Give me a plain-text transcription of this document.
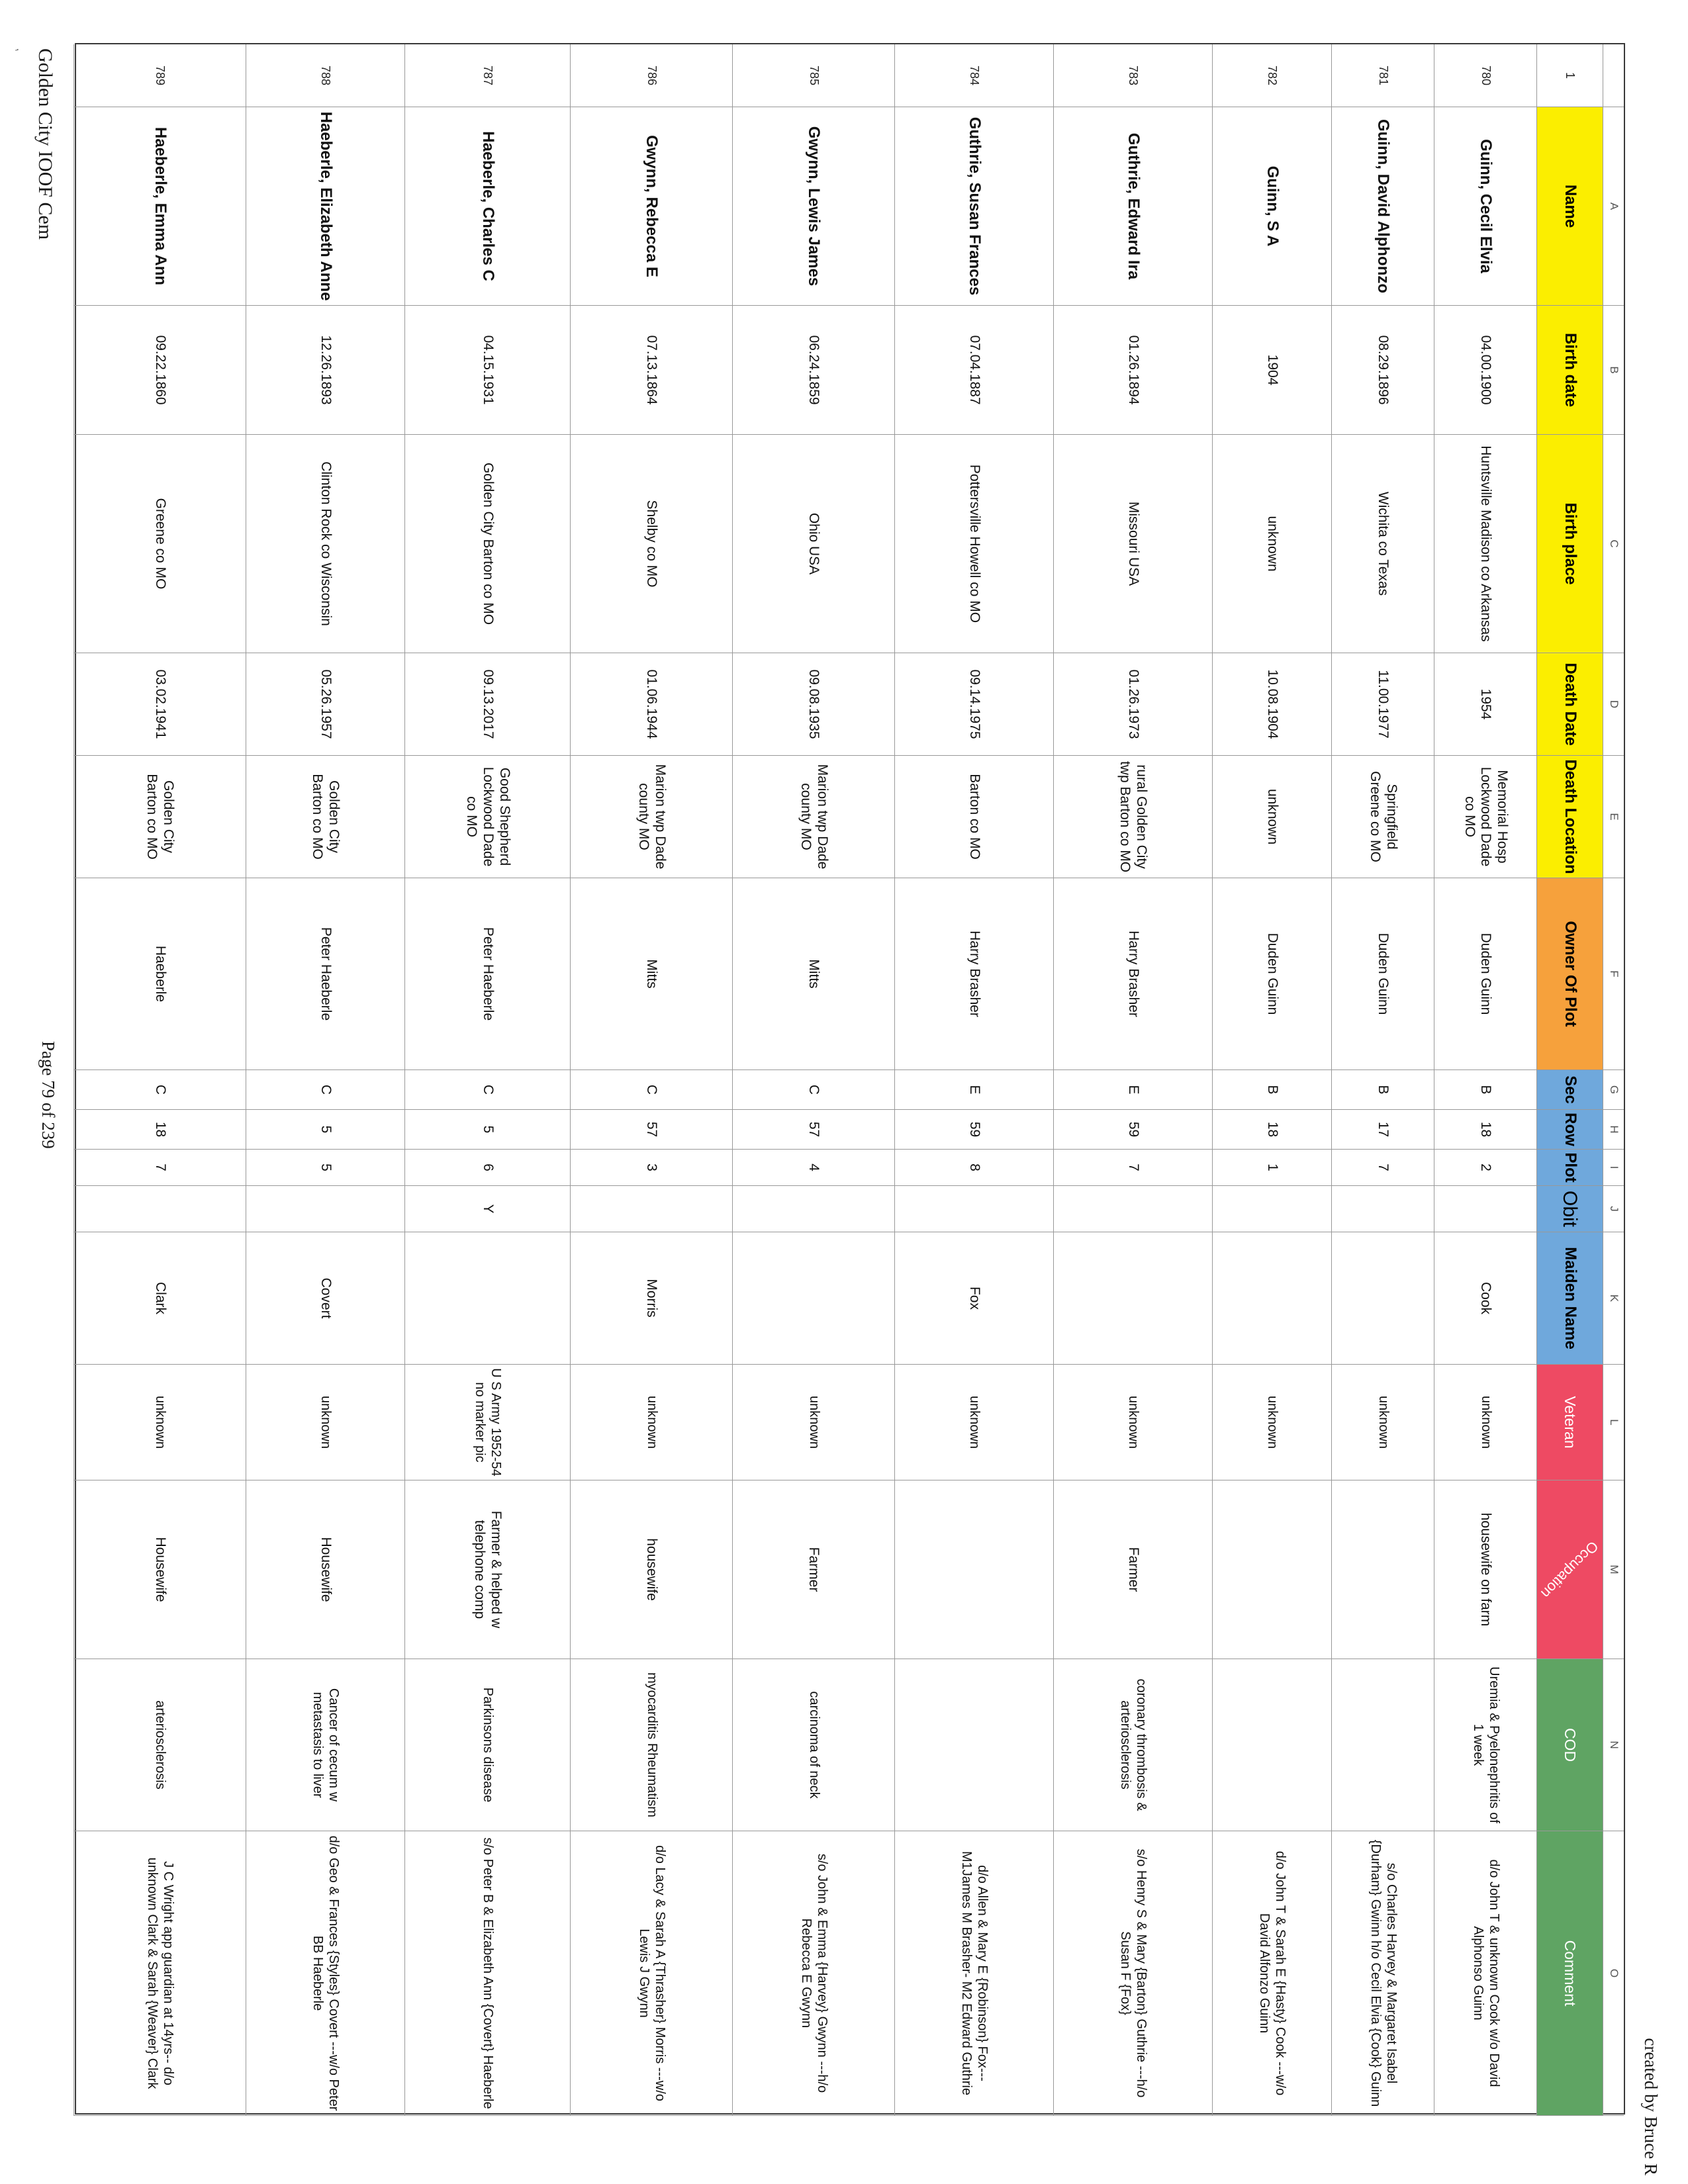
,
A
B
C
D
E
F
G
H
I
J
K
L
M
N
O
1
Name
Birth date
Birth place
Death Date
Death Location
Owner Of Plot
Sec
Row
Plot
Obit
Maiden Name
Veteran
Occupation
COD
Comment
780
Guinn, Cecil Elvia
04.00.1900
Huntsville Madison co Arkansas
1954
Memorial Hosp Lockwood Dade co MO
Duden Guinn
B
18
2
Cook
unknown
housewife on farm
Uremia & Pyelonephritis of 1 week
d/o John T & unknown Cook w/o David Alphonso Guinn
781
Guinn, David Alphonzo
08.29.1896
Wichita co Texas
11.00.1977
Springfield Greene co MO
Duden Guinn
B
17
7
unknown
s/o Charles Harvey & Margaret Isabel {Durham} Gwinn h/o Cecil Elvia {Cook} Guinn
782
Guinn, S A
1904
unknown
10.08.1904
unknown
Duden Guinn
B
18
1
unknown
d/o John T & Sarah E {Hasty} Cook ---w/o David Alfonzo Guinn
783
Guthrie, Edward Ira
01.26.1894
Missouri USA
01.26.1973
rural Golden City twp Barton co MO
Harry Brasher
E
59
7
unknown
Farmer
coronary thrombosis & arteriosclerosis
s/o Henry S & Mary {Barton} Guthrie ---h/o Susan F {Fox}
784
Guthrie, Susan Frances
07.04.1887
Pottersville Howell co MO
09.14.1975
Barton co MO
Harry Brasher
E
59
8
Fox
unknown
d/o Allen & Mary E {Robinson} Fox--- M1James M Brasher- M2 Edward Guthrie
785
Gwynn, Lewis James
06.24.1859
Ohio USA
09.08.1935
Marion twp Dade county MO
Mitts
C
57
4
unknown
Farmer
carcinoma of neck
s/o John & Emma {Harvey} Gwynn ---h/o Rebecca E Gwynn
786
Gwynn, Rebecca E
07.13.1864
Shelby co MO
01.06.1944
Marion twp Dade county MO
Mitts
C
57
3
Morris
unknown
housewife
myocarditis Rheumatism
d/o Lacy & Sarah A {Thrasher} Morris ---w/o Lewis J Gwynn
787
Haeberle, Charles C
04.15.1931
Golden City Barton co MO
09.13.2017
Good Shepherd Lockwood Dade co MO
Peter Haeberle
C
5
6
Y
U S Army 1952-54 no marker pic
Farmer & helped w telephone comp
Parkinsons disease
s/o Peter B & Elizabeth Ann {Covert} Haeberle
788
Haeberle, Elizabeth Anne
12.26.1893
Clinton Rock co Wisconsin
05.26.1957
Golden City Barton co MO
Peter Haeberle
C
5
5
Covert
unknown
Housewife
Cancer of cecum w metastasis to liver
d/o Geo & Frances {Styles} Covert ---w/o Peter BB Haeberle
789
Haeberle, Emma Ann
09.22.1860
Greene co MO
03.02.1941
Golden City Barton co MO
Haeberle
C
18
7
Clark
unknown
Housewife
arteriosclerosis
J C Wright app guardian at 14yrs-- d/o unknown Clark & Sarah {Weaver} Clark
Golden City IOOF Cem
Page 79 of 239
created by Bruce R
